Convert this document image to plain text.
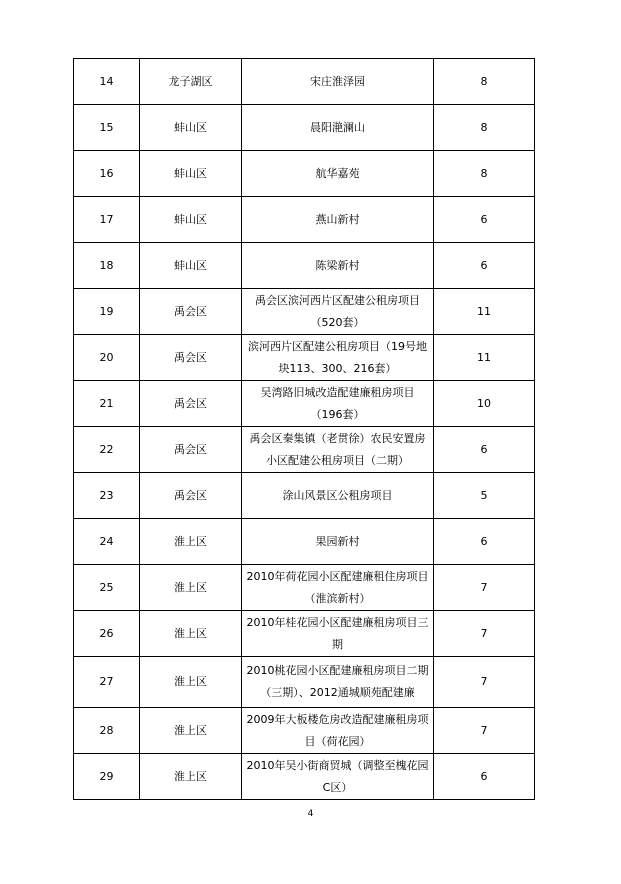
14	龙子湖区	宋庄淮泽园	8
15	蚌山区	晨阳滟澜山	8
16	蚌山区	航华嘉苑	8
17	蚌山区	燕山新村	6
18	蚌山区	陈梁新村	6
19	禹会区	禹会区滨河西片区配建公租房项目（520套）	11
20	禹会区	滨河西片区配建公租房项目（19号地块113、300、216套）	11
21	禹会区	吴湾路旧城改造配建廉租房项目（196套）	10
22	禹会区	禹会区秦集镇（老贯徐）农民安置房小区配建公租房项目（二期）	6
23	禹会区	涂山风景区公租房项目	5
24	淮上区	果园新村	6
25	淮上区	2010年荷花园小区配建廉租住房项目（淮滨新村）	7
26	淮上区	2010年桂花园小区配建廉租房项目三期	7
27	淮上区	2010桃花园小区配建廉租房项目二期（三期）、2012通城顺苑配建廉	7
28	淮上区	2009年大板楼危房改造配建廉租房项目（荷花园）	7
29	淮上区	2010年吴小街商贸城（调整至槐花园C区）	6
4
